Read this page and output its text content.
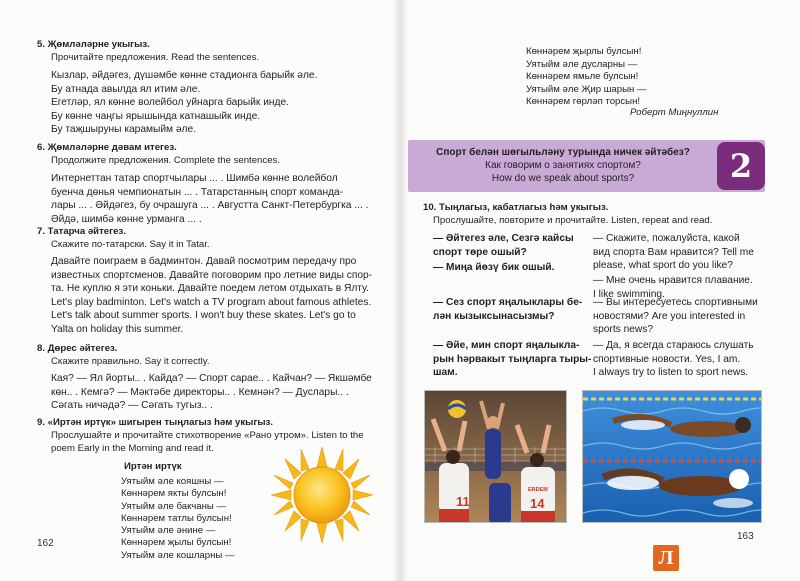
5. Җөмләләрне укыгыз.
Прочитайте предложения. Read the sentences.
Кызлар, әйдәгез, дүшәмбе көнне стадионга барыйк әле.
Бу атнада авылда ял итим әле.
Егетләр, ял көнне волейбол уйнарга барыйк инде.
Бу көнне чаңгы ярышында катнашыйк инде.
Бу таҗшыруны карамыйм әле.
6. Җөмләләрне дәвам итегез.
Продолжите предложения. Complete the sentences.
Интернеттан татар спортчылары ... . Шимбә көнне волейбол
буенча дөнья чемпионатын ... . Татарстанның спорт команда-
лары ... . Әйдәгез, бу очрашуга ... . Августта Санкт-Петербургка ... .
Әйдә, шимбә көнне урманга ... .
7. Татарча әйтегез.
Скажите по-татарски. Say it in Tatar.
Давайте поиграем в бадминтон. Давай посмотрим передачу про
известных спортсменов. Давайте поговорим про летние виды спор-
та. Не куплю я эти коньки. Давайте поедем летом отдыхать в Ялту.
Let's play badminton. Let's watch a TV program about famous athletes.
Let's talk about summer sports. I won't buy these skates. Let's go to
Yalta on holiday this summer.
8. Дөрес әйтегез.
Скажите правильно. Say it correctly.
Кая? — Ял йорты.. . Кайда? — Спорт сарае.. . Кайчан? — Якшәмбе
көн.. . Кемгә? — Мәктәбе директоры.. . Кемнән? — Дуслары.. .
Сәгать ничәдә? — Сәгать тугыз.. .
9. «Иртән иртүк» шигырен тыңлагыз һәм укыгыз.
Прослушайте и прочитайте стихотворение «Рано утром». Listen to the
poem Early in the Morning and read it.
Иртән иртүк
Уятыйм әле кояшны —
Көннәрем якты булсын!
Уятыйм әле бакчаны —
Көннәрем татлы булсын!
Уятыйм әле әнине —
Көннәрем җылы булсын!
Уятыйм әле кошларны —
162
Көннәрем җырлы булсын!
Уятыйм әле дусларны —
Көннәрем ямьле булсын!
Уятыйм әле Җир шарын —
Көннәрем гөрләп торсын!
Роберт Миңнуллин
Спорт белән шөгыльләну турында ничек әйтәбез?
Как говорим о занятиях спортом?
How do we speak about sports?	2
10. Тыңлагыз, кабатлагыз һәм укыгыз.
Прослушайте, повторите и прочитайте. Listen, repeat and read.
— Әйтегез әле, Сезгә кайсы
спорт төре ошый?
— Скажите, пожалуйста, какой
вид спорта Вам нравится? Tell me
please, what sport do you like?
— Миңа йөзү бик ошый.
— Мне очень нравится плавание.
I like swimming.
— Сез спорт яңалыклары бе-
лән кызыксынасызмы?
— Вы интересуетесь спортивными
новостями? Are you interested in
sports news?
— Әйе, мин спорт яңалыкла-
рын һәрвакыт тыңларга тыры-
шам.
— Да, я всегда стараюсь слушать
спортивные новости. Yes, I am.
I always try to listen to sport news.
11
ERDEM
14
163
Л
